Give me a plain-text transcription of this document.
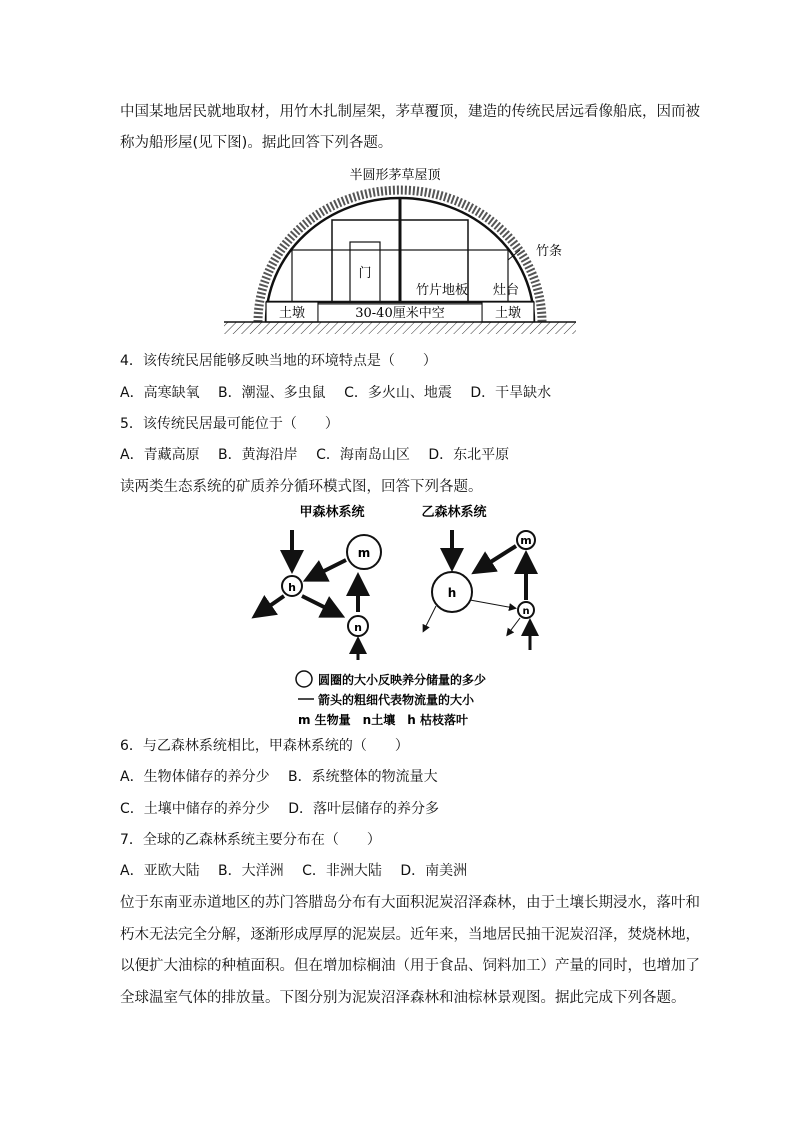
中国某地居民就地取材，用竹木扎制屋架，茅草覆顶，建造的传统民居远看像船底，因而被
称为船形屋(见下图)。据此回答下列各题。
半圆形茅草屋顶
门
竹条
竹片地板 灶台
土墩	土墩
30-40厘米中空
4．该传统民居能够反映当地的环境特点是（　　）
A．高寒缺氧 B．潮湿、多虫鼠 C．多火山、地震 D．干旱缺水
5．该传统民居最可能位于（　　）
A．青藏高原 B．黄海沿岸 C．海南岛山区 D．东北平原
读两类生态系统的矿质养分循环模式图，回答下列各题。
甲森林系统
m
h
n
乙森林系统
m
h
n
圆圈的大小反映养分储量的多少
箭头的粗细代表物流量的大小
m 生物量　n土壤　h 枯枝落叶
6．与乙森林系统相比，甲森林系统的（　　）
A．生物体储存的养分少 B．系统整体的物流量大
C．土壤中储存的养分少 D．落叶层储存的养分多
7．全球的乙森林系统主要分布在（　　）
A．亚欧大陆 B．大洋洲 C．非洲大陆 D．南美洲
位于东南亚赤道地区的苏门答腊岛分布有大面积泥炭沼泽森林，由于土壤长期浸水，落叶和
朽木无法完全分解，逐渐形成厚厚的泥炭层。近年来，当地居民抽干泥炭沼泽，焚烧林地，
以便扩大油棕的种植面积。但在增加棕榈油（用于食品、饲料加工）产量的同时，也增加了
全球温室气体的排放量。下图分别为泥炭沼泽森林和油棕林景观图。据此完成下列各题。
